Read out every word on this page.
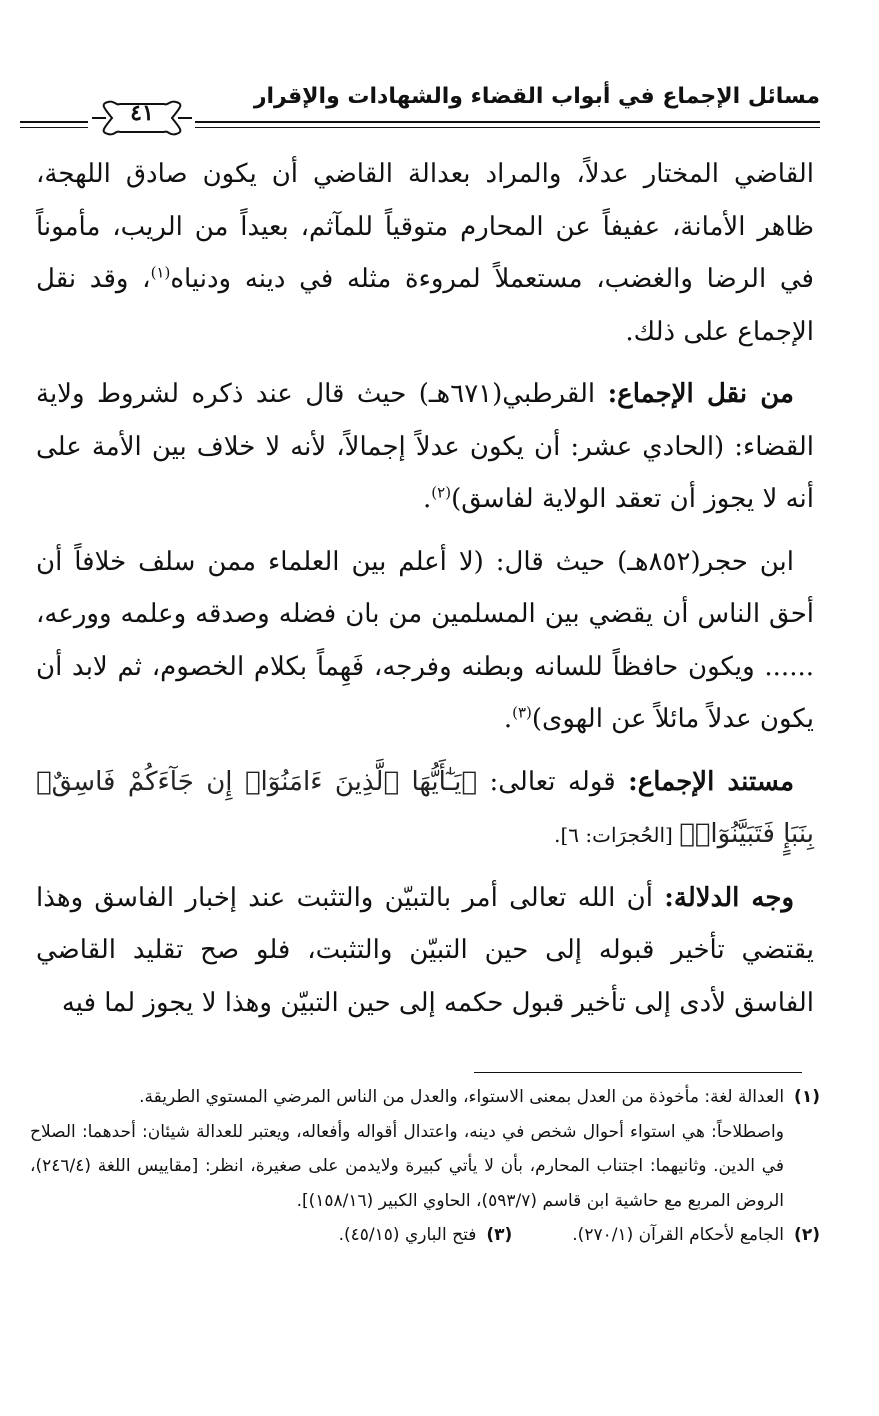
مسائل الإجماع في أبواب القضاء والشهادات والإقرار
٤١

القاضي المختار عدلاً، والمراد بعدالة القاضي أن يكون صادق اللهجة، ظاهر الأمانة، عفيفاً عن المحارم متوقياً للمآثم، بعيداً من الريب، مأموناً في الرضا والغضب، مستعملاً لمروءة مثله في دينه ودنياه$^{(١)}$، وقد نقل الإجماع على ذلك.

من نقل الإجماع: القرطبي(٦٧١هـ) حيث قال عند ذكره لشروط ولاية القضاء: (الحادي عشر: أن يكون عدلاً إجمالاً، لأنه لا خلاف بين الأمة على أنه لا يجوز أن تعقد الولاية لفاسق)$^{(٢)}$.

ابن حجر(٨٥٢هـ) حيث قال: (لا أعلم بين العلماء ممن سلف خلافاً أن أحق الناس أن يقضي بين المسلمين من بان فضله وصدقه وعلمه وورعه، ...... ويكون حافظاً للسانه وبطنه وفرجه، فَهِماً بكلام الخصوم، ثم لابد أن يكون عدلاً مائلاً عن الهوى)$^{(٣)}$.

مستند الإجماع: قوله تعالى: ﴿يَـٰٓأَيُّهَا ٱلَّذِينَ ءَامَنُوٓا۟ إِن جَآءَكُمْ فَاسِقٌۢ بِنَبَإٍ فَتَبَيَّنُوٓا۟﴾ [الحُجرَات: ٦].

وجه الدلالة: أن الله تعالى أمر بالتبيّن والتثبت عند إخبار الفاسق وهذا يقتضي تأخير قبوله إلى حين التبيّن والتثبت، فلو صح تقليد القاضي الفاسق لأدى إلى تأخير قبول حكمه إلى حين التبيّن وهذا لا يجوز لما فيه

(١)العدالة لغة: مأخوذة من العدل بمعنى الاستواء، والعدل من الناس المرضي المستوي الطريقة.

واصطلاحاً: هي استواء أحوال شخص في دينه، واعتدال أقواله وأفعاله، ويعتبر للعدالة شيئان: أحدهما: الصلاح في الدين. وثانيهما: اجتناب المحارم، بأن لا يأتي كبيرة ولايدمن على صغيرة، انظر: [مقاييس اللغة (٢٤٦/٤)، الروض المربع مع حاشية ابن قاسم (٥٩٣/٧)، الحاوي الكبير (١٥٨/١٦)].

(٢)الجامع لأحكام القرآن (٢٧٠/١).(٣)فتح الباري (٤٥/١٥).
